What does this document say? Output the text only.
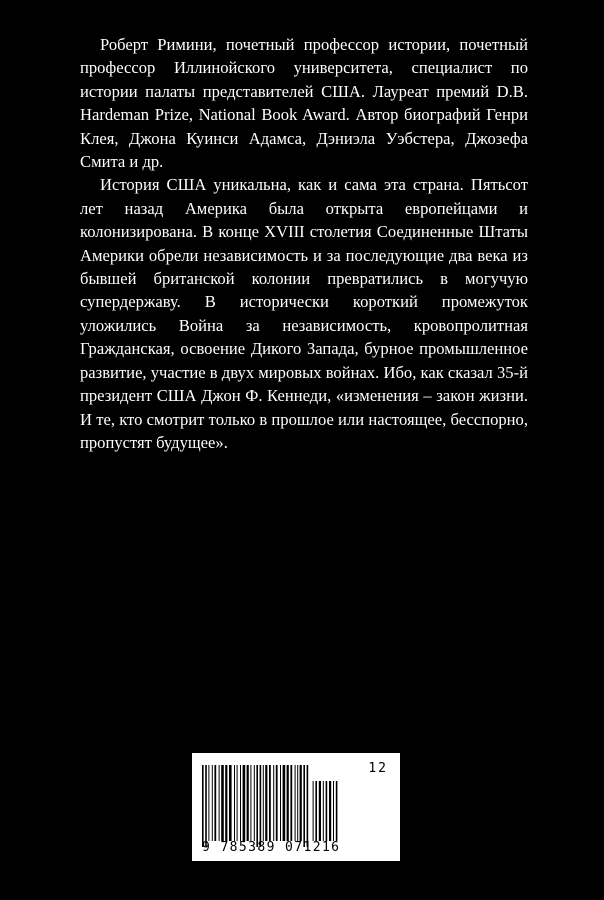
Роберт Римини, почетный профессор истории, почетный профессор Иллинойского университета, специалист по истории палаты представителей США. Лауреат премий D.B. Hardeman Prize, National Book Award. Автор биографий Генри Клея, Джона Куинси Адамса, Дэниэла Уэбстера, Джозефа Смита и др.

История США уникальна, как и сама эта страна. Пятьсот лет назад Америка была открыта европейцами и колонизирована. В конце XVIII столетия Соединенные Штаты Америки обрели независимость и за последующие два века из бывшей британской колонии превратились в могучую супердержаву. В исторически короткий промежуток уложились Война за независимость, кровопролитная Гражданская, освоение Дикого Запада, бурное промышленное развитие, участие в двух мировых войнах. Ибо, как сказал 35-й президент США Джон Ф. Кеннеди, «изменения – закон жизни. И те, кто смотрит только в прошлое или настоящее, бесспорно, пропустят будущее».

12
9 785389 071216
